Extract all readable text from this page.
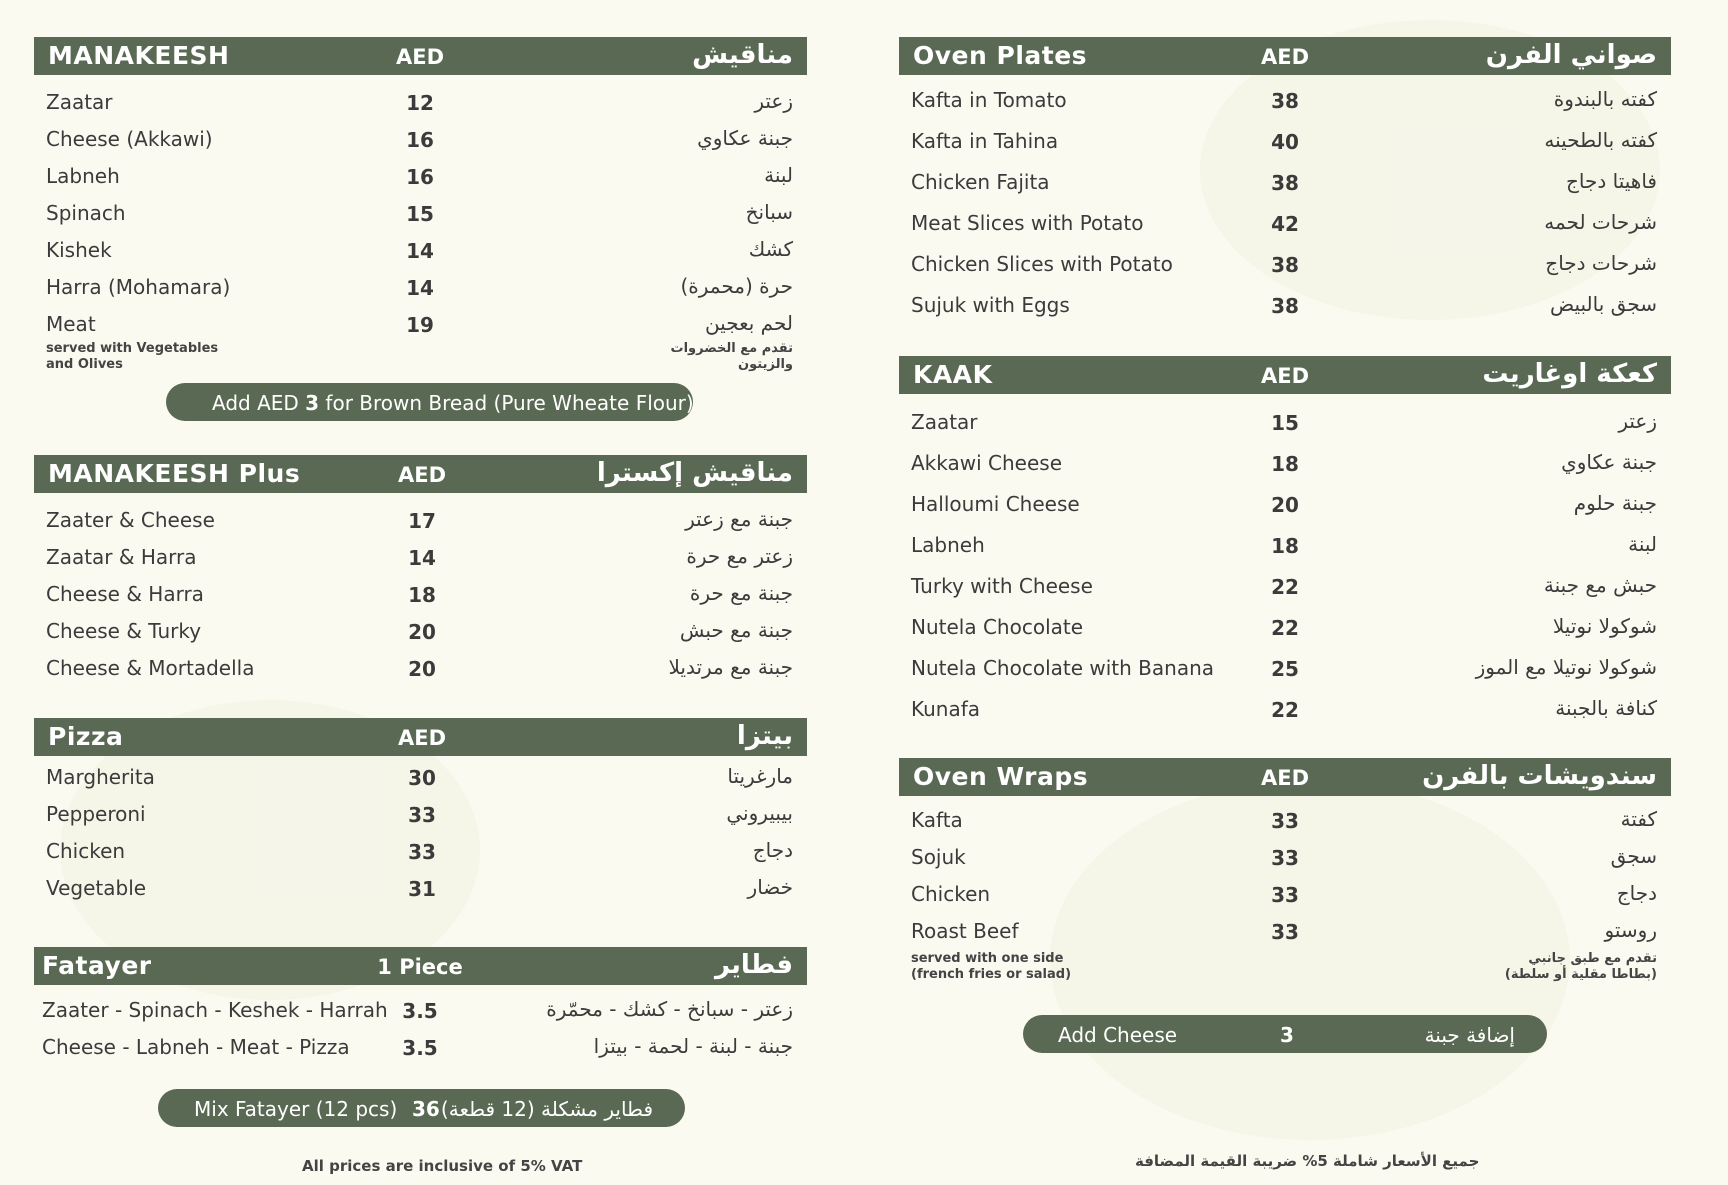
MANAKEESH	AED	مناقيش
Zaatar	12	زعتر
Cheese (Akkawi)	16	جبنة عكاوي
Labneh	16	لبنة
Spinach	15	سبانخ
Kishek	14	كشك
Harra (Mohamara)	14	حرة (محمرة)
Meat	19	لحم بعجين
served with Vegetables
and Olives
تقدم مع الخضروات
والزيتون
Add AED 3 for Brown Bread (Pure Wheate Flour)
MANAKEESH Plus	AED	مناقيش إكسترا
Zaater & Cheese	17	جبنة مع زعتر
Zaatar & Harra	14	زعتر مع حرة
Cheese & Harra	18	جبنة مع حرة
Cheese & Turky	20	جبنة مع حبش
Cheese & Mortadella	20	جبنة مع مرتديلا
Pizza	AED	بيتزا
Margherita	30	مارغريتا
Pepperoni	33	بيبيروني
Chicken	33	دجاج
Vegetable	31	خضار
Fatayer	1 Piece	فطاير
Zaater - Spinach - Keshek - Harrah 3.5	زعتر - سبانخ - كشك - محمّرة
Cheese - Labneh - Meat - Pizza	3.5	جبنة - لبنة - لحمة - بيتزا
Mix Fatayer (12 pcs) 36 فطاير مشكلة (12 قطعة)
All prices are inclusive of 5% VAT
Oven Plates	AED	صواني الفرن
Kafta in Tomato	38	كفته بالبندوة
Kafta in Tahina	40	كفته بالطحينه
Chicken Fajita	38	فاهيتا دجاج
Meat Slices with Potato	42	شرحات لحمه
Chicken Slices with Potato	38	شرحات دجاج
Sujuk with Eggs	38	سجق بالبيض
KAAK	AED	كعكة اوغاريت
Zaatar	15	زعتر
Akkawi Cheese	18	جبنة عكاوي
Halloumi Cheese	20	جبنة حلوم
Labneh	18	لبنة
Turky with Cheese	22	حبش مع جبنة
Nutela Chocolate	22	شوكولا نوتيلا
Nutela Chocolate with Banana	25	شوكولا نوتيلا مع الموز
Kunafa	22	كنافة بالجبنة
Oven Wraps	AED	سندويشات بالفرن
Kafta	33	كفتة
Sojuk	33	سجق
Chicken	33	دجاج
Roast Beef	33	روستو
served with one side
(french fries or salad)
تقدم مع طبق جانبي
(بطاطا مقلية أو سلطة)
Add Cheese	3	إضافة جبنة
جميع الأسعار شاملة 5% ضريبة القيمة المضافة
